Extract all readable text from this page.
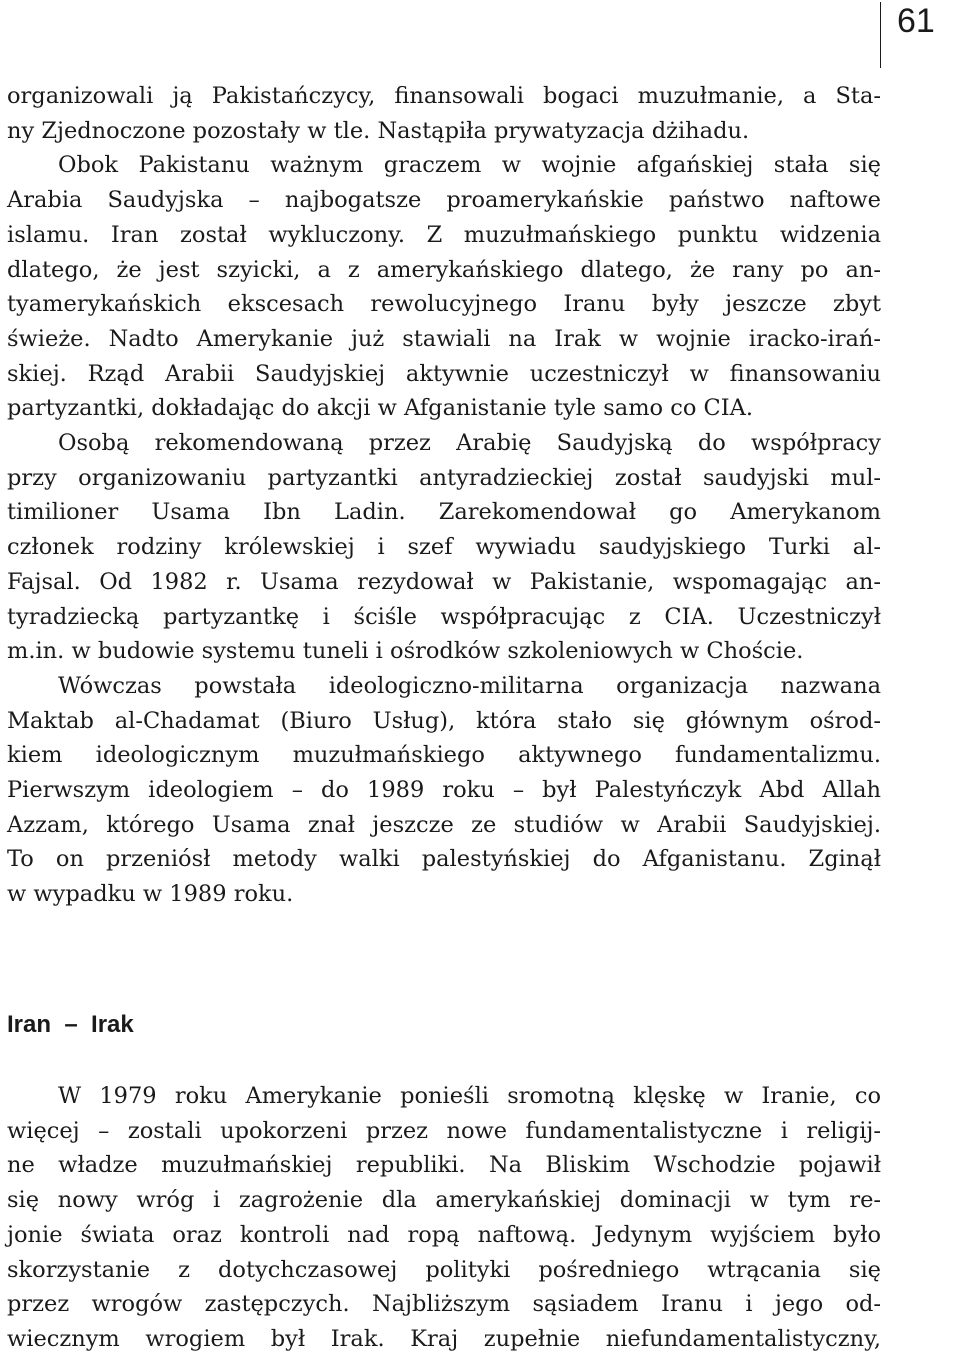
61
organizowali ją Pakistańczycy, finansowali bogaci muzułmanie, a Sta-
ny Zjednoczone pozostały w tle. Nastąpiła prywatyzacja dżihadu.
Obok Pakistanu ważnym graczem w wojnie afgańskiej stała się
Arabia Saudyjska – najbogatsze proamerykańskie państwo naftowe
islamu. Iran został wykluczony. Z muzułmańskiego punktu widzenia
dlatego, że jest szyicki, a z amerykańskiego dlatego, że rany po an-
tyamerykańskich ekscesach rewolucyjnego Iranu były jeszcze zbyt
świeże. Nadto Amerykanie już stawiali na Irak w wojnie iracko-irań-
skiej. Rząd Arabii Saudyjskiej aktywnie uczestniczył w finansowaniu
partyzantki, dokładając do akcji w Afganistanie tyle samo co CIA.
Osobą rekomendowaną przez Arabię Saudyjską do współpracy
przy organizowaniu partyzantki antyradzieckiej został saudyjski mul-
timilioner Usama Ibn Ladin. Zarekomendował go Amerykanom
członek rodziny królewskiej i szef wywiadu saudyjskiego Turki al-
Fajsal. Od 1982 r. Usama rezydował w Pakistanie, wspomagając an-
tyradziecką partyzantkę i ściśle współpracując z CIA. Uczestniczył
m.in. w budowie systemu tuneli i ośrodków szkoleniowych w Choście.
Wówczas powstała ideologiczno-militarna organizacja nazwana
Maktab al-Chadamat (Biuro Usług), która stało się głównym ośrod-
kiem ideologicznym muzułmańskiego aktywnego fundamentalizmu.
Pierwszym ideologiem – do 1989 roku – był Palestyńczyk Abd Allah
Azzam, którego Usama znał jeszcze ze studiów w Arabii Saudyjskiej.
To on przeniósł metody walki palestyńskiej do Afganistanu. Zginął
w wypadku w 1989 roku.
Iran  –  Irak
W 1979 roku Amerykanie ponieśli sromotną klęskę w Iranie, co
więcej – zostali upokorzeni przez nowe fundamentalistyczne i religij-
ne władze muzułmańskiej republiki. Na Bliskim Wschodzie pojawił
się nowy wróg i zagrożenie dla amerykańskiej dominacji w tym re-
jonie świata oraz kontroli nad ropą naftową. Jedynym wyjściem było
skorzystanie z dotychczasowej polityki pośredniego wtrącania się
przez wrogów zastępczych. Najbliższym sąsiadem Iranu i jego od-
wiecznym wrogiem był Irak. Kraj zupełnie niefundamentalistyczny,
